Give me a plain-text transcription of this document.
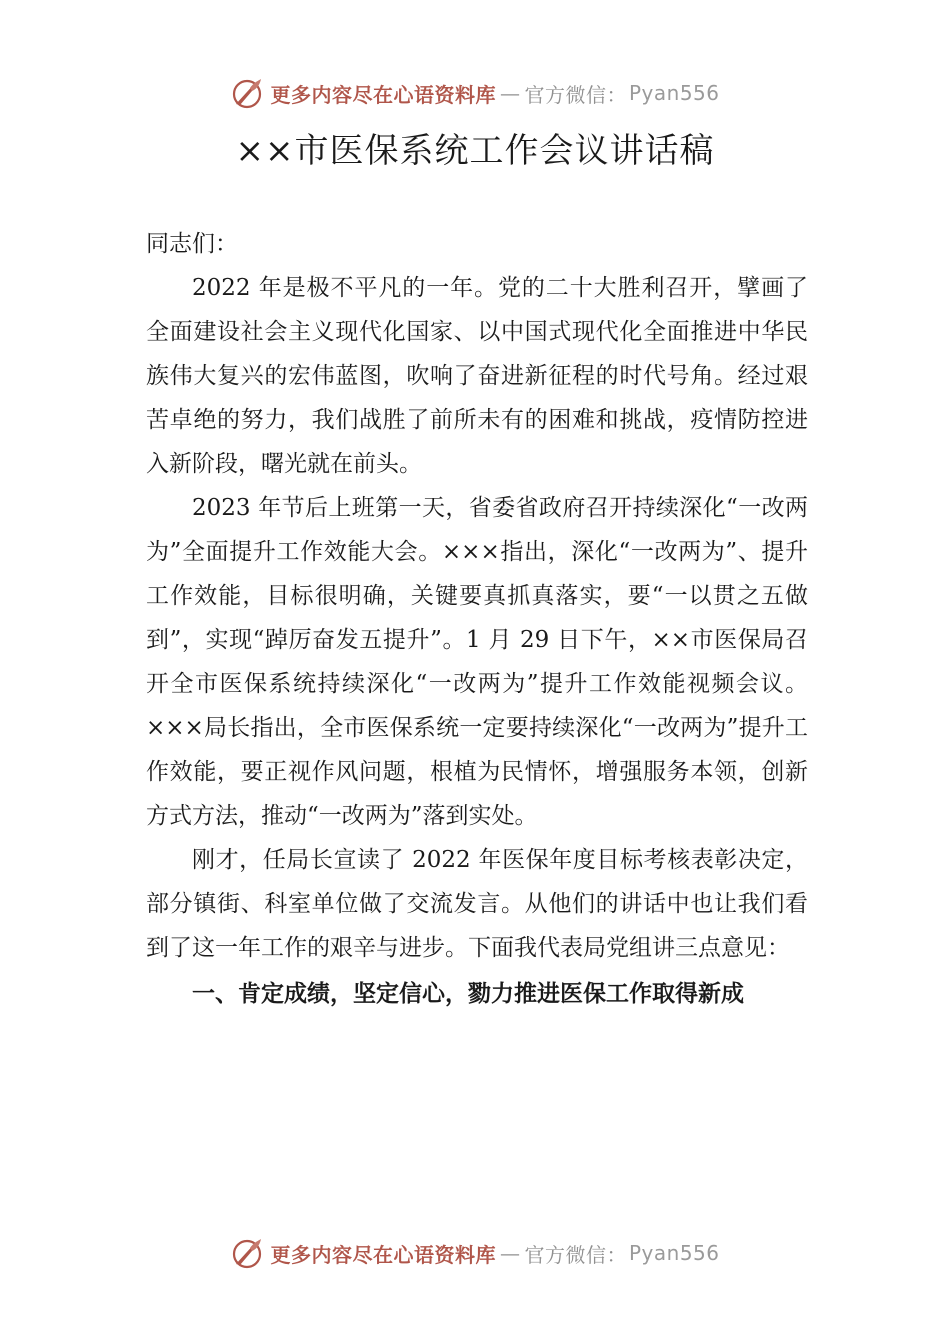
更多内容尽在心语资料库 — 官方微信： Pyan556
××市医保系统工作会议讲话稿

同志们：

2022 年是极不平凡的一年。党的二十大胜利召开，擘画了全面建设社会主义现代化国家、以中国式现代化全面推进中华民族伟大复兴的宏伟蓝图，吹响了奋进新征程的时代号角。经过艰苦卓绝的努力，我们战胜了前所未有的困难和挑战，疫情防控进入新阶段，曙光就在前头。

2023 年节后上班第一天，省委省政府召开持续深化“一改两为”全面提升工作效能大会。×××指出，深化“一改两为”、提升工作效能，目标很明确，关键要真抓真落实，要“一以贯之五做到”，实现“踔厉奋发五提升”。1 月 29 日下午，××市医保局召开全市医保系统持续深化“一改两为”提升工作效能视频会议。×××局长指出，全市医保系统一定要持续深化“一改两为”提升工作效能，要正视作风问题，根植为民情怀，增强服务本领，创新方式方法，推动“一改两为”落到实处。

刚才，任局长宣读了 2022 年医保年度目标考核表彰决定，部分镇街、科室单位做了交流发言。从他们的讲话中也让我们看到了这一年工作的艰辛与进步。下面我代表局党组讲三点意见：

一、肯定成绩，坚定信心，勠力推进医保工作取得新成

更多内容尽在心语资料库 — 官方微信： Pyan556
